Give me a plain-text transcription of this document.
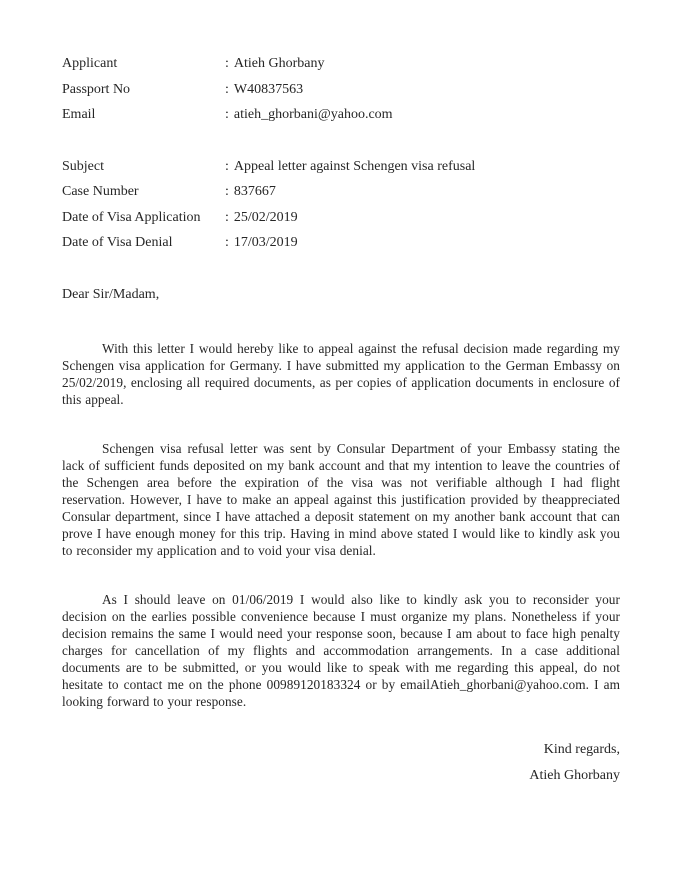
Applicant	: Atieh Ghorbany
Passport No	: W40837563
Email	: atieh_ghorbani@yahoo.com
Subject	: Appeal letter against Schengen visa refusal
Case Number	: 837667
Date of Visa Application	: 25/02/2019
Date of Visa Denial	: 17/03/2019

Dear Sir/Madam,

With this letter I would hereby like to appeal against the refusal decision made regarding my Schengen visa application for Germany. I have submitted my application to the German Embassy on 25/02/2019, enclosing all required documents, as per copies of application documents in enclosure of this appeal.

Schengen visa refusal letter was sent by Consular Department of your Embassy stating the lack of sufficient funds deposited on my bank account and that my intention to leave the countries of the Schengen area before the expiration of the visa was not verifiable although I had flight reservation. However, I have to make an appeal against this justification provided by theappreciated Consular department, since I have attached a deposit statement on my another bank account that can prove I have enough money for this trip. Having in mind above stated I would like to kindly ask you to reconsider my application and to void your visa denial.

As I should leave on 01/06/2019 I would also like to kindly ask you to reconsider your decision on the earlies possible convenience because I must organize my plans. Nonetheless if your decision remains the same I would need your response soon, because I am about to face high penalty charges for cancellation of my flights and accommodation arrangements. In a case additional documents are to be submitted, or you would like to speak with me regarding this appeal, do not hesitate to contact me on the phone 00989120183324 or by emailAtieh_ghorbani@yahoo.com. I am looking forward to your response.

Kind regards,

Atieh Ghorbany
